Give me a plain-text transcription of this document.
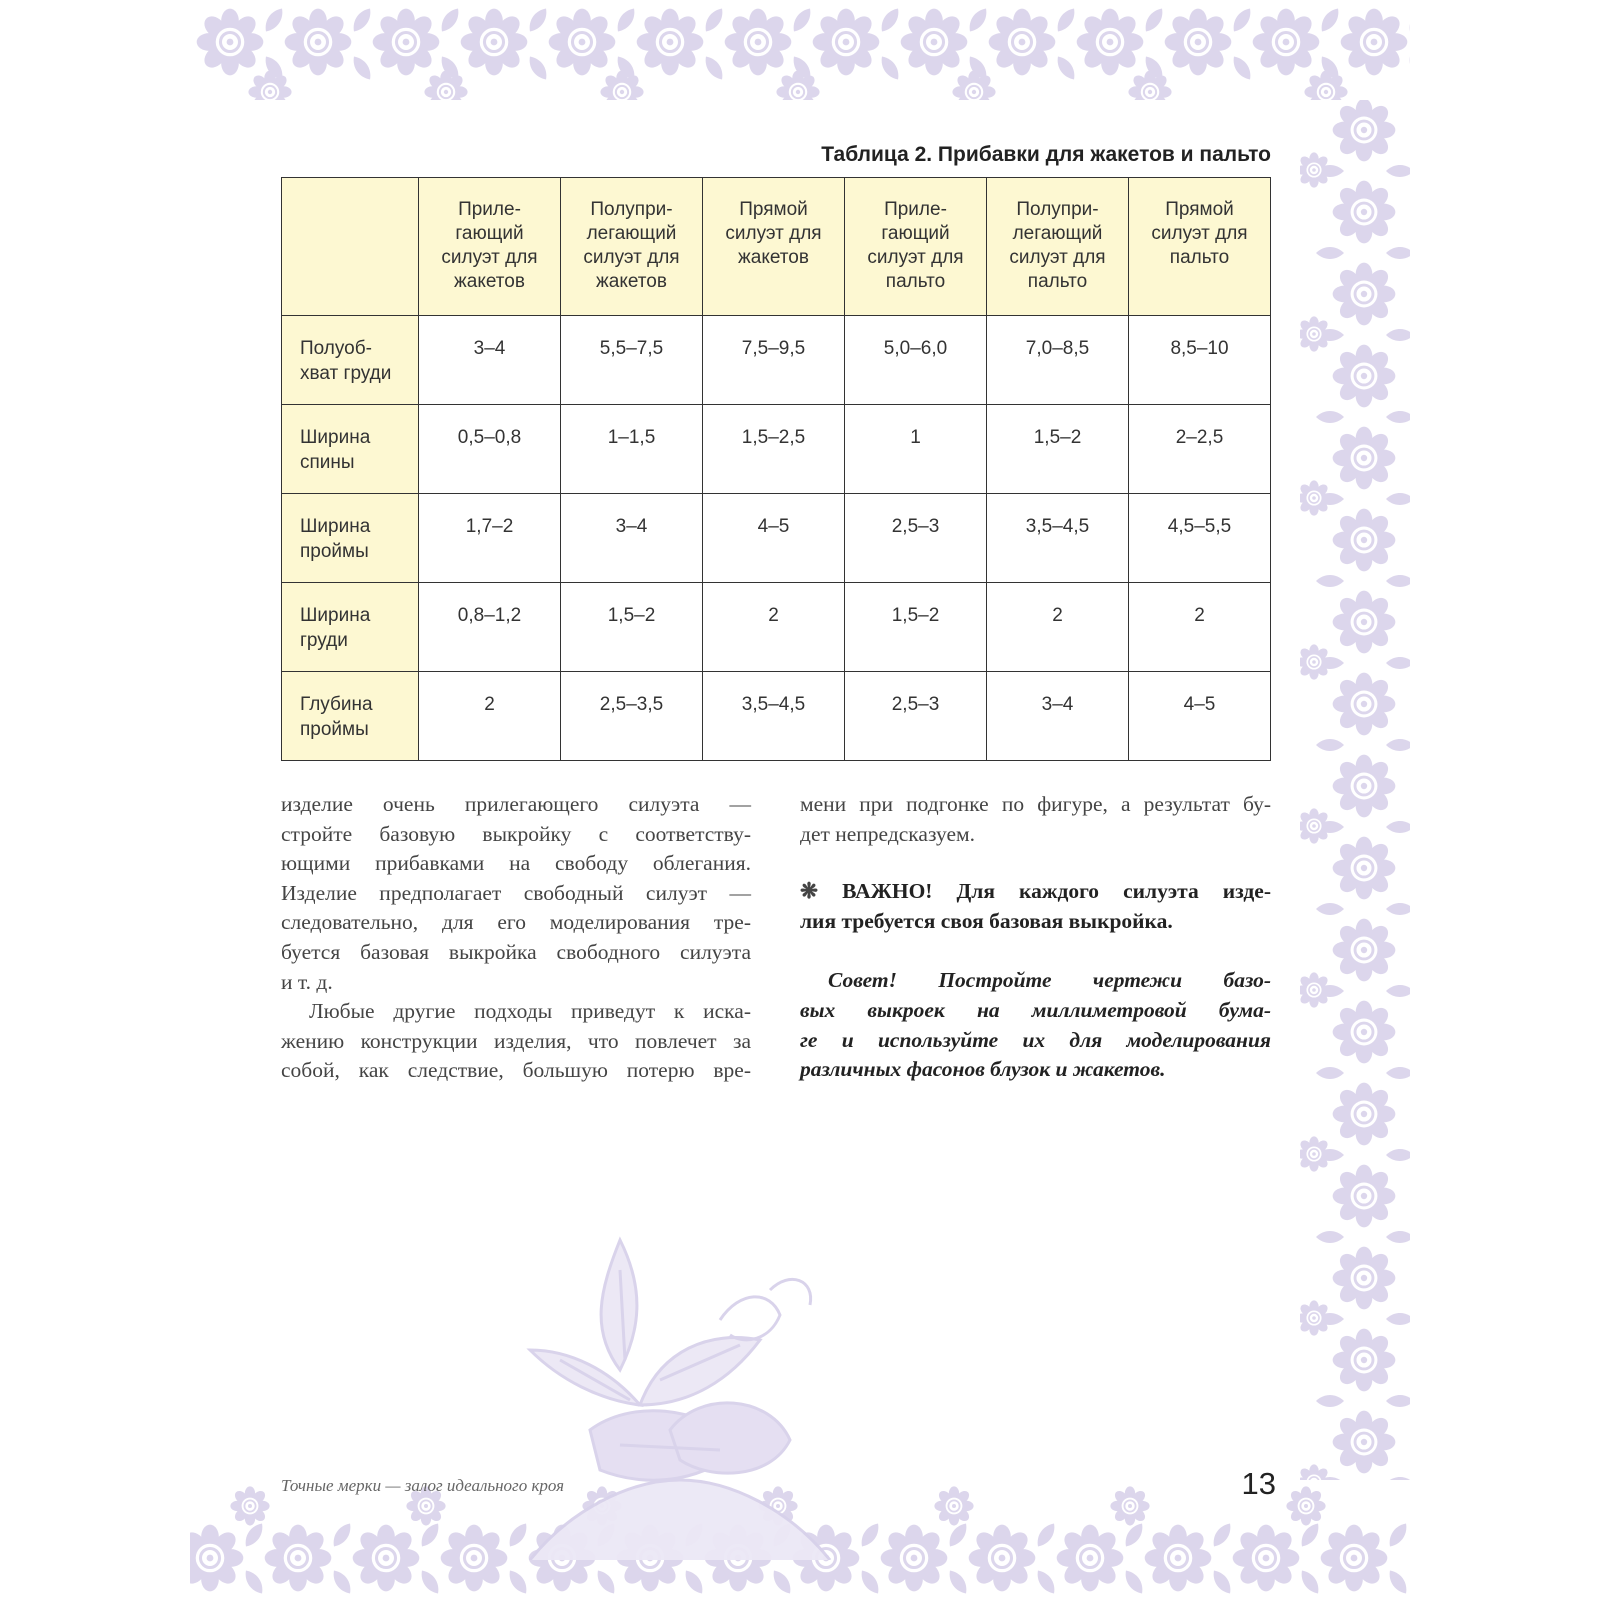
Таблица 2. Прибавки для жакетов и пальто
	Приле-
гающий
силуэт для
жакетов	Полупри-
легающий
силуэт для
жакетов	Прямой
силуэт для
жакетов	Приле-
гающий
силуэт для
пальто	Полупри-
легающий
силуэт для
пальто	Прямой
силуэт для
пальто
Полуоб-
хват груди	3–4	5,5–7,5	7,5–9,5	5,0–6,0	7,0–8,5	8,5–10
Ширина
спины	0,5–0,8	1–1,5	1,5–2,5	1	1,5–2	2–2,5
Ширина
проймы	1,7–2	3–4	4–5	2,5–3	3,5–4,5	4,5–5,5
Ширина
груди	0,8–1,2	1,5–2	2	1,5–2	2	2
Глубина
проймы	2	2,5–3,5	3,5–4,5	2,5–3	3–4	4–5
изделие очень прилегающего силуэта —
стройте базовую выкройку с соответству-
ющими прибавками на свободу облегания.
Изделие предполагает свободный силуэт —
следовательно, для его моделирования тре-
буется базовая выкройка свободного силуэта
и т. д.
Любые другие подходы приведут к иска-
жению конструкции изделия, что повлечет за
собой, как следствие, большую потерю вре-
мени при подгонке по фигуре, а результат бу-
дет непредсказуем.
❋ ВАЖНО! Для каждого силуэта изде-
лия требуется своя базовая выкройка.
Совет! Постройте чертежи базо-
вых выкроек на миллиметровой бума-
ге и используйте их для моделирования
различных фасонов блузок и жакетов.
Точные мерки — залог идеального кроя	13
